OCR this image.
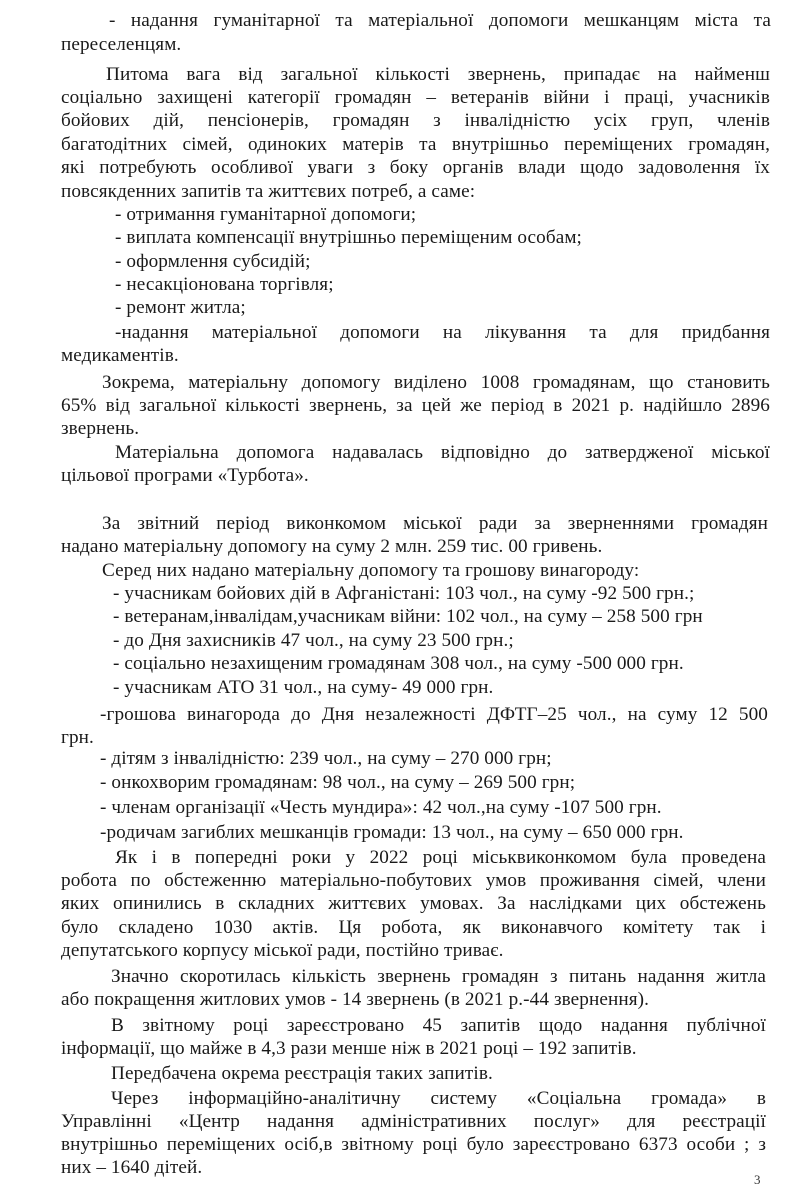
- надання гуманітарної та матеріальної допомоги мешканцям міста та
переселенцям.
Питома вага від загальної кількості звернень, припадає на найменш
соціально захищені категорії громадян – ветеранів війни і праці, учасників
бойових дій, пенсіонерів, громадян з інвалідністю усіх груп, членів
багатодітних сімей, одиноких матерів та внутрішньо переміщених громадян,
які потребують особливої уваги з боку органів влади щодо задоволення їх
повсякденних запитів та життєвих потреб, а саме:
- отримання гуманітарної допомоги;
- виплата компенсації внутрішньо переміщеним особам;
- оформлення субсидій;
- несакціонована торгівля;
- ремонт житла;
-надання матеріальної допомоги на лікування та для придбання
медикаментів.
Зокрема, матеріальну допомогу виділено 1008 громадянам, що становить
65% від загальної кількості звернень, за цей же період в 2021 р. надійшло 2896
звернень.
Матеріальна допомога надавалась відповідно до затвердженої міської
цільової програми «Турбота».
За звітний період виконкомом міської ради за зверненнями громадян
надано матеріальну допомогу на суму 2 млн. 259 тис. 00 гривень.
Серед них надано матеріальну допомогу та грошову винагороду:
- учасникам бойових дій в Афганістані: 103 чол., на суму -92 500 грн.;
- ветеранам,інвалідам,учасникам війни: 102 чол., на суму – 258 500 грн
- до Дня захисників 47 чол., на суму 23 500 грн.;
- соціально незахищеним громадянам 308 чол., на суму -500 000 грн.
- учасникам АТО 31 чол., на суму- 49 000 грн.
-грошова винагорода до Дня незалежності ДФТГ–25 чол., на суму 12 500
грн.
- дітям з інвалідністю: 239 чол., на суму – 270 000 грн;
- онкохворим громадянам: 98 чол., на суму – 269 500 грн;
- членам організації «Честь мундира»: 42 чол.,на суму -107 500 грн.
-родичам загиблих мешканців громади: 13 чол., на суму – 650 000 грн.
Як і в попередні роки у 2022 році міськвиконкомом була проведена
робота по обстеженню матеріально-побутових умов проживання сімей, члени
яких опинились в складних життєвих умовах. За наслідками цих обстежень
було складено 1030 актів. Ця робота, як виконавчого комітету так і
депутатського корпусу міської ради, постійно триває.
Значно скоротилась кількість звернень громадян з питань надання житла
або покращення житлових умов - 14 звернень (в 2021 р.-44 звернення).
В звітному році зареєстровано 45 запитів щодо надання публічної
інформації, що майже в 4,3 рази менше ніж в 2021 році – 192 запитів.
Передбачена окрема реєстрація таких запитів.
Через інформаційно-аналітичну систему «Соціальна громада» в
Управлінні «Центр надання адміністративних послуг» для реєстрації
внутрішньо переміщених осіб,в звітному році було зареєстровано 6373 особи ; з
них – 1640 дітей.
3
